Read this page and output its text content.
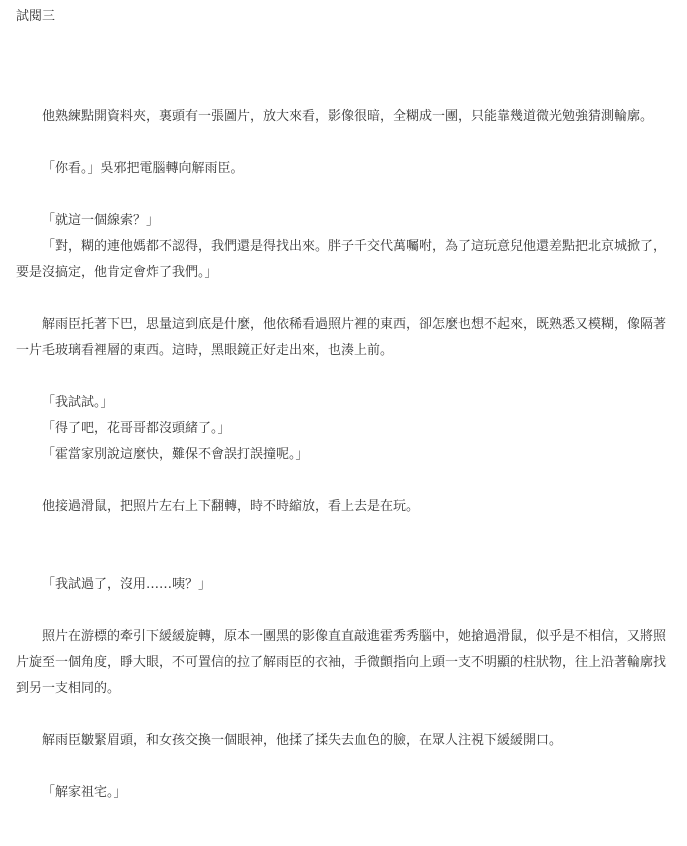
試閱三

他熟練點開資料夾，裏頭有一張圖片，放大來看，影像很暗，全糊成一團，只能靠幾道微光勉強猜測輪廓。

「你看。」吳邪把電腦轉向解雨臣。

「就這一個線索？」

「對，糊的連他媽都不認得，我們還是得找出來。胖子千交代萬囑咐，為了這玩意兒他還差點把北京城掀了，要是沒搞定，他肯定會炸了我們。」

解雨臣托著下巴，思量這到底是什麼，他依稀看過照片裡的東西，卻怎麼也想不起來，既熟悉又模糊，像隔著一片毛玻璃看裡層的東西。這時，黑眼鏡正好走出來，也湊上前。

「我試試。」

「得了吧，花哥哥都沒頭緒了。」

「霍當家別說這麼快，難保不會誤打誤撞呢。」

他接過滑鼠，把照片左右上下翻轉，時不時縮放，看上去是在玩。

「我試過了，沒用……咦？」

照片在游標的牽引下緩緩旋轉，原本一團黑的影像直直敲進霍秀秀腦中，她搶過滑鼠，似乎是不相信，又將照片旋至一個角度，睜大眼，不可置信的拉了解雨臣的衣袖，手微顫指向上頭一支不明顯的柱狀物，往上沿著輪廓找到另一支相同的。

解雨臣皺緊眉頭，和女孩交換一個眼神，他揉了揉失去血色的臉，在眾人注視下緩緩開口。

「解家祖宅。」
